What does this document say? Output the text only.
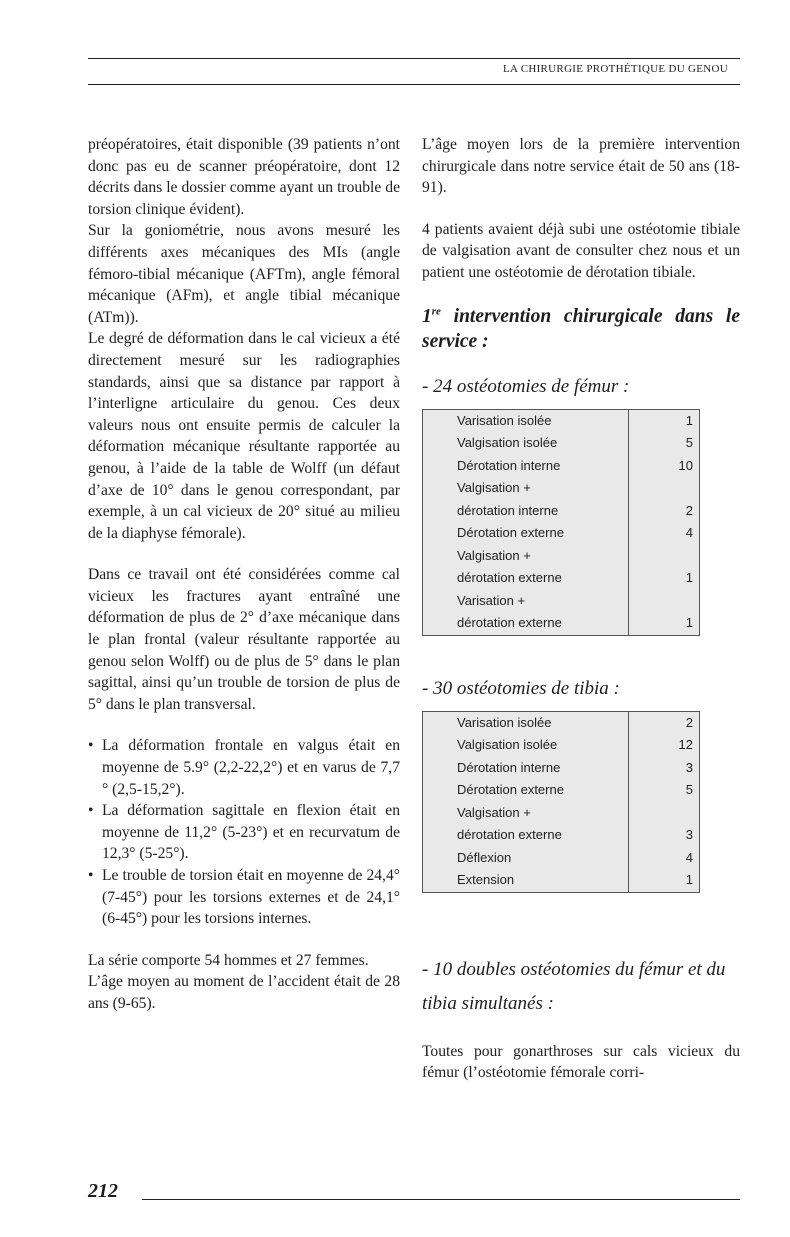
LA CHIRURGIE PROTHÉTIQUE DU GENOU

préopératoires, était disponible (39 patients n’ont donc pas eu de scanner préopératoire, dont 12 décrits dans le dossier comme ayant un trouble de torsion clinique évident).

Sur la goniométrie, nous avons mesuré les différents axes mécaniques des MIs (angle fémoro-tibial mécanique (AFTm), angle fémoral mécanique (AFm), et angle tibial mécanique (ATm)).

Le degré de déformation dans le cal vicieux a été directement mesuré sur les radiographies standards, ainsi que sa distance par rapport à l’interligne articulaire du genou. Ces deux valeurs nous ont ensuite permis de calculer la déformation mécanique résultante rapportée au genou, à l’aide de la table de Wolff (un défaut d’axe de 10° dans le genou correspondant, par exemple, à un cal vicieux de 20° situé au milieu de la diaphyse fémorale).

Dans ce travail ont été considérées comme cal vicieux les fractures ayant entraîné une déformation de plus de 2° d’axe mécanique dans le plan frontal (valeur résultante rapportée au genou selon Wolff) ou de plus de 5° dans le plan sagittal, ainsi qu’un trouble de torsion de plus de 5° dans le plan transversal.

• La déformation frontale en valgus était en moyenne de 5.9° (2,2-22,2°) et en varus de 7,7 ° (2,5-15,2°).
• La déformation sagittale en flexion était en moyenne de 11,2° (5-23°) et en recurvatum de 12,3° (5-25°).
• Le trouble de torsion était en moyenne de 24,4° (7-45°) pour les torsions externes et de 24,1° (6-45°) pour les torsions internes.

La série comporte 54 hommes et 27 femmes.

L’âge moyen au moment de l’accident était de 28 ans (9-65).

L’âge moyen lors de la première intervention chirurgicale dans notre service était de 50 ans (18-91).

4 patients avaient déjà subi une ostéotomie tibiale de valgisation avant de consulter chez nous et un patient une ostéotomie de dérotation tibiale.

1re intervention chirurgicale dans le service :

- 24 ostéotomies de fémur :

Varisation isolée	1
Valgisation isolée	5
Dérotation interne	10
Valgisation +	
dérotation interne	2
Dérotation externe	4
Valgisation +	
dérotation externe	1
Varisation +	
dérotation externe	1

- 30 ostéotomies de tibia :

Varisation isolée	2
Valgisation isolée	12
Dérotation interne	3
Dérotation externe	5
Valgisation +	
dérotation externe	3
Déflexion	4
Extension	1

- 10 doubles ostéotomies du fémur et du tibia simultanés :

Toutes pour gonarthroses sur cals vicieux du fémur (l’ostéotomie fémorale corri-

212
